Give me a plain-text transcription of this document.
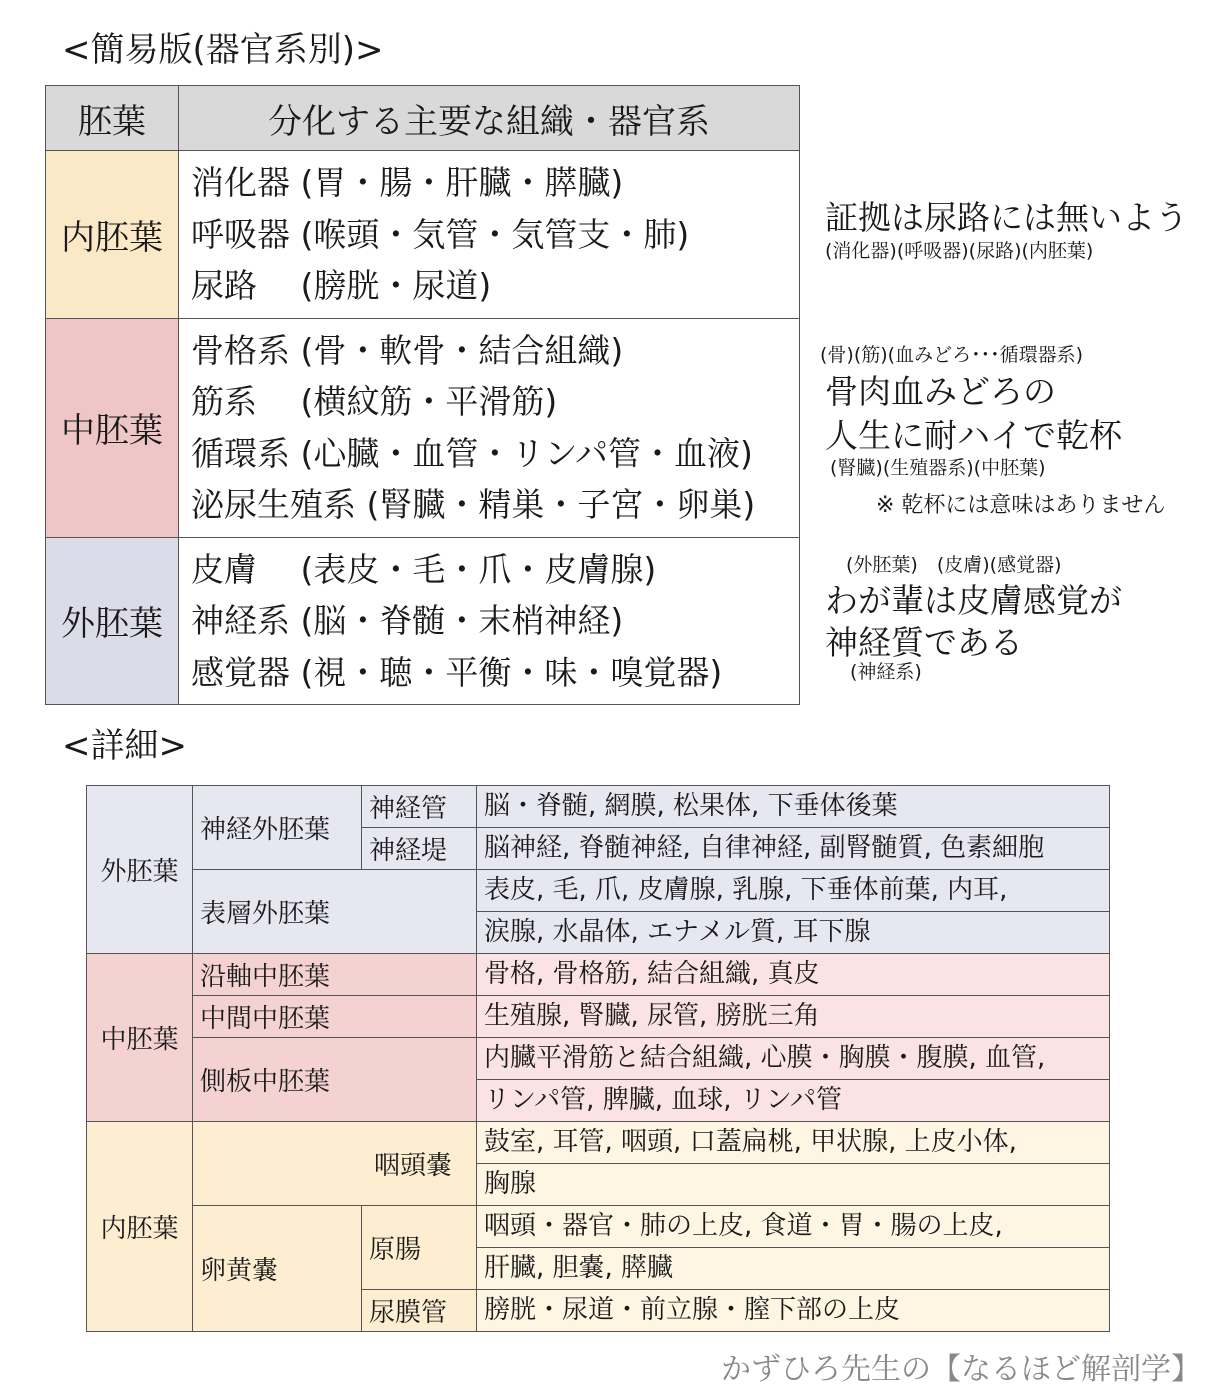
<簡易版(器官系別)>
胚葉	分化する主要な組織・器官系
内胚葉	消化器 (胃・腸・肝臓・膵臓)
呼吸器 (喉頭・気管・気管支・肺)
尿路　 (膀胱・尿道)

中胚葉	骨格系 (骨・軟骨・結合組織)
筋系　 (横紋筋・平滑筋)
循環系 (心臓・血管・リンパ管・血液)
泌尿生殖系 (腎臓・精巣・子宮・卵巣)

外胚葉	皮膚　 (表皮・毛・爪・皮膚腺)
神経系 (脳・脊髄・末梢神経)
感覚器 (視・聴・平衡・味・嗅覚器)
証拠は尿路には無いよう
(消化器)(呼吸器)(尿路)(内胚葉)
(骨)(筋)(血みどろ･･･循環器系)
骨肉血みどろの
人生に耐ハイで乾杯
(腎臓)(生殖器系)(中胚葉)
※ 乾杯には意味はありません
(外胚葉)　(皮膚)(感覚器)
わが輩は皮膚感覚が
神経質である
(神経系)
<詳細>
外胚葉	神経外胚葉	神経管	脳・脊髄, 網膜, 松果体, 下垂体後葉
		神経堤	脳神経, 脊髄神経, 自律神経, 副腎髄質, 色素細胞
	表層外胚葉		表皮, 毛, 爪, 皮膚腺, 乳腺, 下垂体前葉, 内耳,
			涙腺, 水晶体, エナメル質, 耳下腺
中胚葉	沿軸中胚葉		骨格, 骨格筋, 結合組織, 真皮
	中間中胚葉		生殖腺, 腎臓, 尿管, 膀胱三角
	側板中胚葉		内臓平滑筋と結合組織, 心膜・胸膜・腹膜, 血管,
			リンパ管, 脾臓, 血球, リンパ管
内胚葉	咽頭嚢		鼓室, 耳管, 咽頭, 口蓋扁桃, 甲状腺, 上皮小体,
			胸腺
	卵黄嚢	原腸	咽頭・器官・肺の上皮, 食道・胃・腸の上皮,
			肝臓, 胆嚢, 膵臓
		尿膜管	膀胱・尿道・前立腺・膣下部の上皮
かずひろ先生の【なるほど解剖学】
